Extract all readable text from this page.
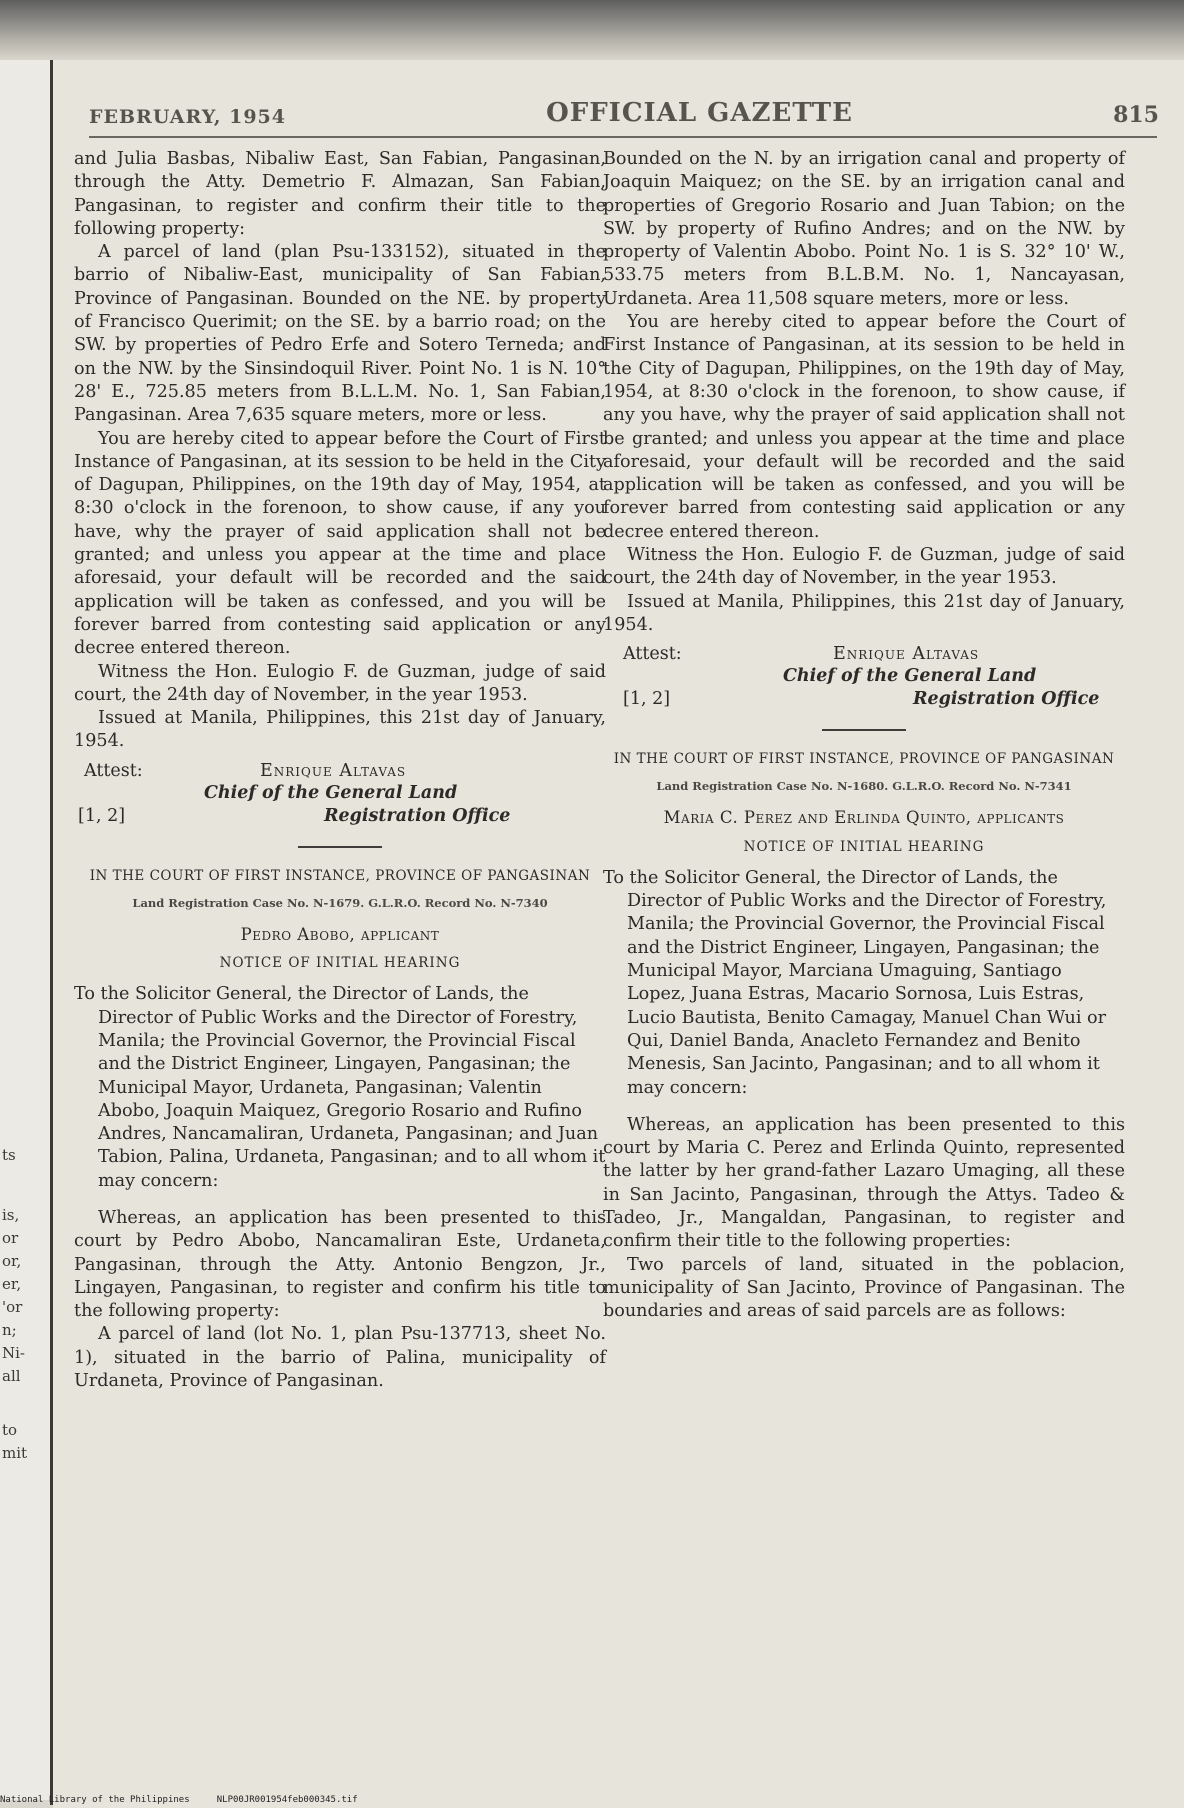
ts
is,
or
or,
er,
'or
n;
Ni-
all
to
mit
FEBRUARY, 1954	OFFICIAL GAZETTE	815

and Julia Basbas, Nibaliw East, San Fabian, Pangasinan, through the Atty. Demetrio F. Almazan, San Fabian, Pangasinan, to register and confirm their title to the following property:

A parcel of land (plan Psu-133152), situated in the barrio of Nibaliw-East, municipality of San Fabian, Province of Pangasinan. Bounded on the NE. by property of Francisco Querimit; on the SE. by a barrio road; on the SW. by properties of Pedro Erfe and Sotero Terneda; and on the NW. by the Sinsindoquil River. Point No. 1 is N. 10° 28' E., 725.85 meters from B.L.L.M. No. 1, San Fabian, Pangasinan. Area 7,635 square meters, more or less.

You are hereby cited to appear before the Court of First Instance of Pangasinan, at its session to be held in the City of Dagupan, Philippines, on the 19th day of May, 1954, at 8:30 o'clock in the forenoon, to show cause, if any you have, why the prayer of said application shall not be granted; and unless you appear at the time and place aforesaid, your default will be recorded and the said application will be taken as confessed, and you will be forever barred from contesting said application or any decree entered thereon.

Witness the Hon. Eulogio F. de Guzman, judge of said court, the 24th day of November, in the year 1953.

Issued at Manila, Philippines, this 21st day of January, 1954.

Attest:	Enrique Altavas
Chief of the General Land
[1, 2]	Registration Office
IN THE COURT OF FIRST INSTANCE, PROVINCE OF PANGASINAN
Land Registration Case No. N-1679. G.L.R.O. Record No. N-7340
Pedro Abobo, applicant
NOTICE OF INITIAL HEARING

To the Solicitor General, the Director of Lands, the Director of Public Works and the Director of Forestry, Manila; the Provincial Governor, the Provincial Fiscal and the District Engineer, Lingayen, Pangasinan; the Municipal Mayor, Urdaneta, Pangasinan; Valentin Abobo, Joaquin Maiquez, Gregorio Rosario and Rufino Andres, Nancamaliran, Urdaneta, Pangasinan; and Juan Tabion, Palina, Urdaneta, Pangasinan; and to all whom it may concern:

Whereas, an application has been presented to this court by Pedro Abobo, Nancamaliran Este, Urdaneta, Pangasinan, through the Atty. Antonio Bengzon, Jr., Lingayen, Pangasinan, to register and confirm his title to the following property:

A parcel of land (lot No. 1, plan Psu-137713, sheet No. 1), situated in the barrio of Palina, municipality of Urdaneta, Province of Pangasinan.

Bounded on the N. by an irrigation canal and property of Joaquin Maiquez; on the SE. by an irrigation canal and properties of Gregorio Rosario and Juan Tabion; on the SW. by property of Rufino Andres; and on the NW. by property of Valentin Abobo. Point No. 1 is S. 32° 10' W., 533.75 meters from B.L.B.M. No. 1, Nancayasan, Urdaneta. Area 11,508 square meters, more or less.

You are hereby cited to appear before the Court of First Instance of Pangasinan, at its session to be held in the City of Dagupan, Philippines, on the 19th day of May, 1954, at 8:30 o'clock in the forenoon, to show cause, if any you have, why the prayer of said application shall not be granted; and unless you appear at the time and place aforesaid, your default will be recorded and the said application will be taken as confessed, and you will be forever barred from contesting said application or any decree entered thereon.

Witness the Hon. Eulogio F. de Guzman, judge of said court, the 24th day of November, in the year 1953.

Issued at Manila, Philippines, this 21st day of January, 1954.

Attest:	Enrique Altavas
Chief of the General Land
[1, 2]	Registration Office
IN THE COURT OF FIRST INSTANCE, PROVINCE OF PANGASINAN
Land Registration Case No. N-1680. G.L.R.O. Record No. N-7341
Maria C. Perez and Erlinda Quinto, applicants
NOTICE OF INITIAL HEARING

To the Solicitor General, the Director of Lands, the Director of Public Works and the Director of Forestry, Manila; the Provincial Governor, the Provincial Fiscal and the District Engineer, Lingayen, Pangasinan; the Municipal Mayor, Marciana Umaguing, Santiago Lopez, Juana Estras, Macario Sornosa, Luis Estras, Lucio Bautista, Benito Camagay, Manuel Chan Wui or Qui, Daniel Banda, Anacleto Fernandez and Benito Menesis, San Jacinto, Pangasinan; and to all whom it may concern:

Whereas, an application has been presented to this court by Maria C. Perez and Erlinda Quinto, represented the latter by her grand-father Lazaro Umaging, all these in San Jacinto, Pangasinan, through the Attys. Tadeo & Tadeo, Jr., Mangaldan, Pangasinan, to register and confirm their title to the following properties:

Two parcels of land, situated in the poblacion, municipality of San Jacinto, Province of Pangasinan. The boundaries and areas of said parcels are as follows:

National Library of the Philippines     NLP00JR001954feb000345.tif
